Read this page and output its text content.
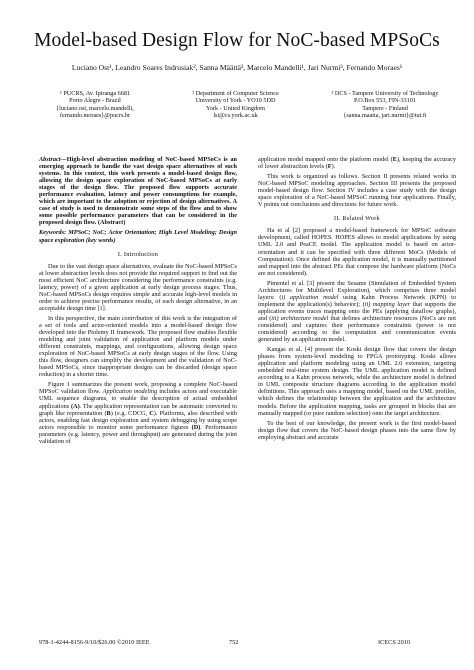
Model-based Design Flow for NoC-based MPSoCs
Luciano Ost¹, Leandro Soares Indrusiak², Sanna Määttä³, Marcelo Mandelli¹, Jari Nurmi³, Fernando Moraes¹
¹ PUCRS, Av. Ipiranga 6681
Porto Alegre - Brazil
{luciano.ost, marcelo.mandelli,
fernando.moraes}@pucrs.br
² Department of Computer Science
University of York - YO10 5DD
York - United Kingdom
lsi@cs.york.ac.uk
³ DCS - Tampere University of Technology
P.O.Box 553, FIN-33101
Tampere - Finland
{sanna.maatta, jari.nurmi}@tut.fi

Abstract—High-level abstraction modeling of NoC-based MPSoCs is an emerging approach to handle the vast design space alternatives of such systems. In this context, this work presents a model-based design flow, allowing the design space exploration of NoC-based MPSoCs at early stages of the design flow. The proposed flow supports accurate performance evaluation, latency and power consumptions for example, which are important to the adoption or rejection of design alternatives. A case of study is used to demonstrate some steps of the flow and to show some possible performance parameters that can be considered in the proposed design flow. (Abstract)

Keywords: MPSoC; NoC; Actor Orientation; High Level Modeling; Design space exploration (key words)

I. Introduction

Due to the vast design space alternatives, evaluate the NoC-based MPSoCs at lower abstraction levels does not provide the required support to find out the most efficient NoC architecture considering the performance constraints (e.g. latency, power) of a given application at early design process stages. Thus, NoC-based MPSoCs design requires simple and accurate high-level models in order to achieve precise performance results, of each design alternative, in an acceptable design time [1].

In this perspective, the main contribution of this work is the integration of a set of tools and actor-oriented models into a model-based design flow developed into the Ptolemy II framework. The proposed flow enables flexible modeling and joint validation of application and platform models under different constraints, mappings, and configurations, allowing design space exploration of NoC-based MPSoCs at early design stages of the flow. Using this flow, designers can simplify the development and the validation of NoC-based MPSoCs, since inappropriate designs can be discarded (design space reduction) in a shorter time.

Figure 1 summarizes the present work, proposing a complete NoC-based MPSoC validation flow. Application modeling includes actors and executable UML sequence diagrams, to enable the description of actual embedded applications (A). The application representation can be automatic converted to graph like representation (B) (e.g. CDCG, C). Platforms, also described with actors, enabling fast design exploration and system debugging by using scope actors responsible to monitor some performance figures (D). Performance parameters (e.g. latency, power and throughput) are generated during the joint validation of

application model mapped onto the platform model (E), keeping the accuracy of lower abstraction levels (F).

This work is organized as follows. Section II presents related works in NoC-based MPSoC modeling approaches. Section III presents the proposed model-based design flow. Section IV includes a case study with the design space exploration of a NoC-based MPSoC running four applications. Finally, V points out conclusions and directions for future work.

II. Related Work

Ha et al [2] proposed a model-based framework for MPSoC software development, called HOPES. HOPES allows to model applications by using UML 2.0 and PeaCE model. The application model is based on actor-orientation and it can be specified with three different MoCs (Models of Computation). Once defined the application model, it is manually partitioned and mapped into the abstract PEs that compose the hardware platform (NoCs are not considered).

Pimentel et al. [3] present the Sesame (Simulation of Embedded System Architectures for Multilevel Exploration), which comprises three model layers: (i) application model using Kahn Process Network (KPN) to implement the application(s) behavior); (ii) mapping layer that supports the application events traces mapping onto the PEs (applying dataflow graphs), and (iii) architecture model that defines architecture resources (NoCs are not considered) and captures their performance constraints (power is not considered) according to the computation and communication events generated by an application model.

Kangas et al. [4] present the Koski design flow that covers the design phases from system-level modeling to FPGA prototyping. Koski allows application and platform modeling using an UML 2.0 extension, targeting embedded real-time system design. The UML application model is defined according to a Kahn process network, while the architecture model is defined in UML composite structure diagrams according to the application model definitions. This approach uses a mapping model, based on the UML profiles, which defines the relationship between the application and the architecture models. Before the application mapping, tasks are grouped in blocks that are manually mapped (or pure random selection) onto the target architecture.

To the best of our knowledge, the present work is the first model-based design flow that covers the NoC-based design phases into the same flow by employing abstract and accurate

978-1-4244-8156-9/10/$26.00 ©2010 IEEE	752	ICECS 2010
